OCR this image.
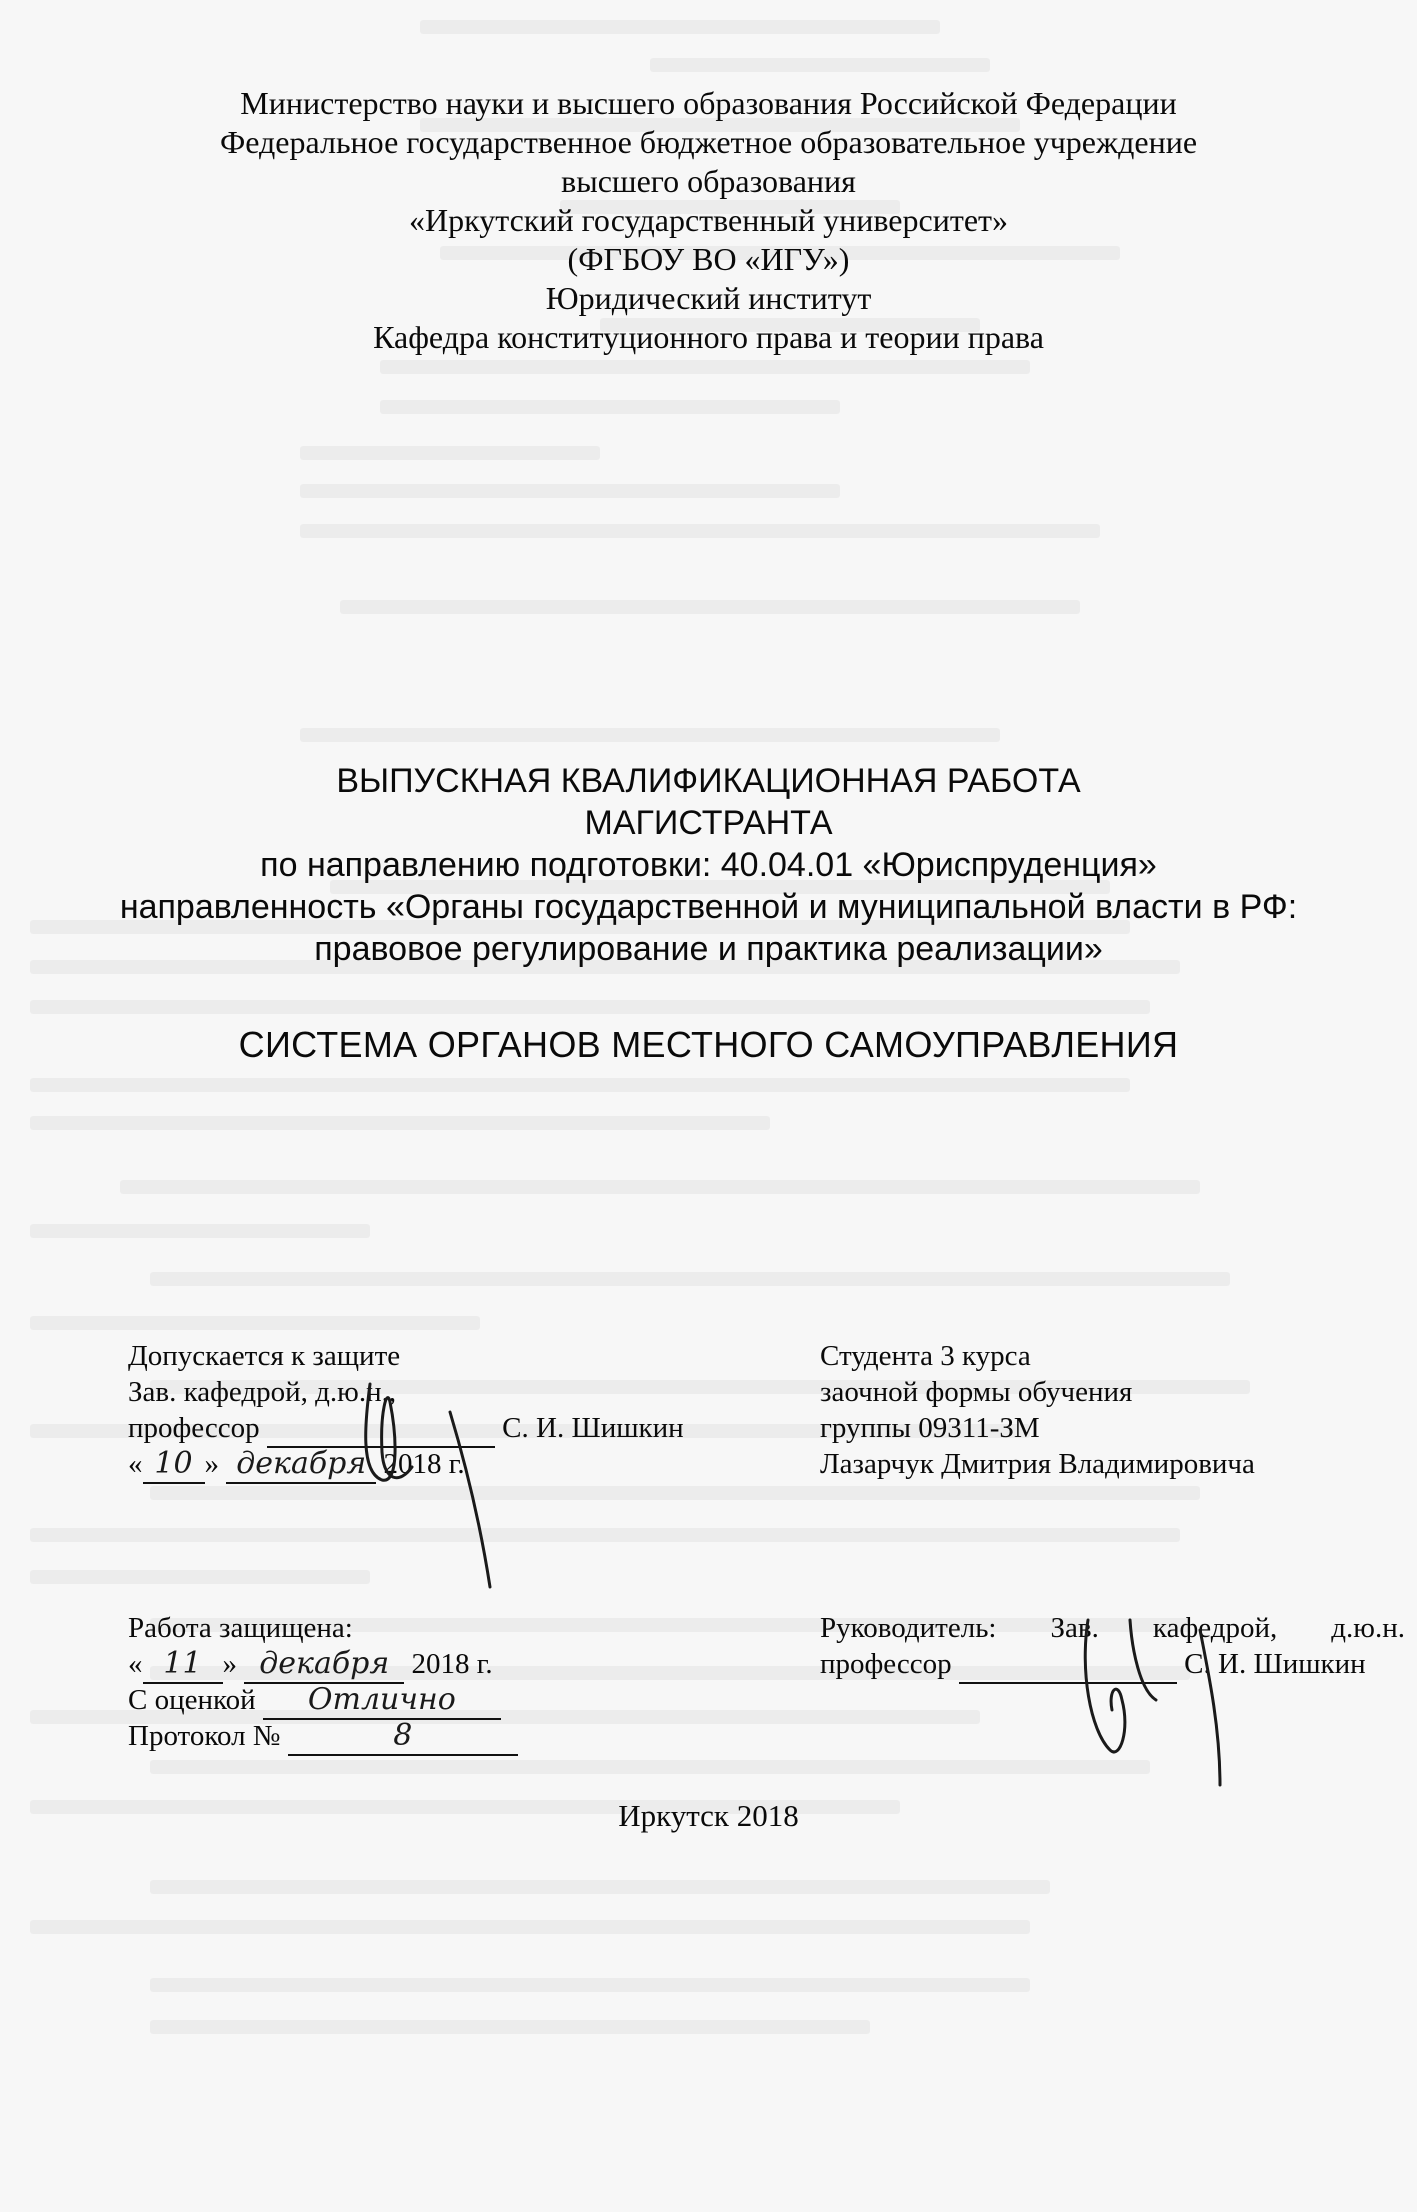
Министерство науки и высшего образования Российской Федерации
Федеральное государственное бюджетное образовательное учреждение
высшего образования
«Иркутский государственный университет»
(ФГБОУ ВО «ИГУ»)
Юридический институт
Кафедра конституционного права и теории права
ВЫПУСКНАЯ КВАЛИФИКАЦИОННАЯ РАБОТА
МАГИСТРАНТА
по направлению подготовки: 40.04.01 «Юриспруденция»
направленность «Органы государственной и муниципальной власти в РФ:
правовое регулирование и практика реализации»
СИСТЕМА ОРГАНОВ МЕСТНОГО САМОУПРАВЛЕНИЯ
Допускается к защите
Зав. кафедрой, д.ю.н.,
профессор	С. И. Шишкин
« 10 » декабря 2018 г.
Студента 3 курса
заочной формы обучения
группы 09311-ЗМ
Лазарчук Дмитрия Владимировича
Работа защищена:
« 11 » декабря 2018 г.
С оценкой Отлично
Протокол №	8
Руководитель: Зав. кафедрой, д.ю.н.
профессор	С. И. Шишкин
Иркутск 2018
